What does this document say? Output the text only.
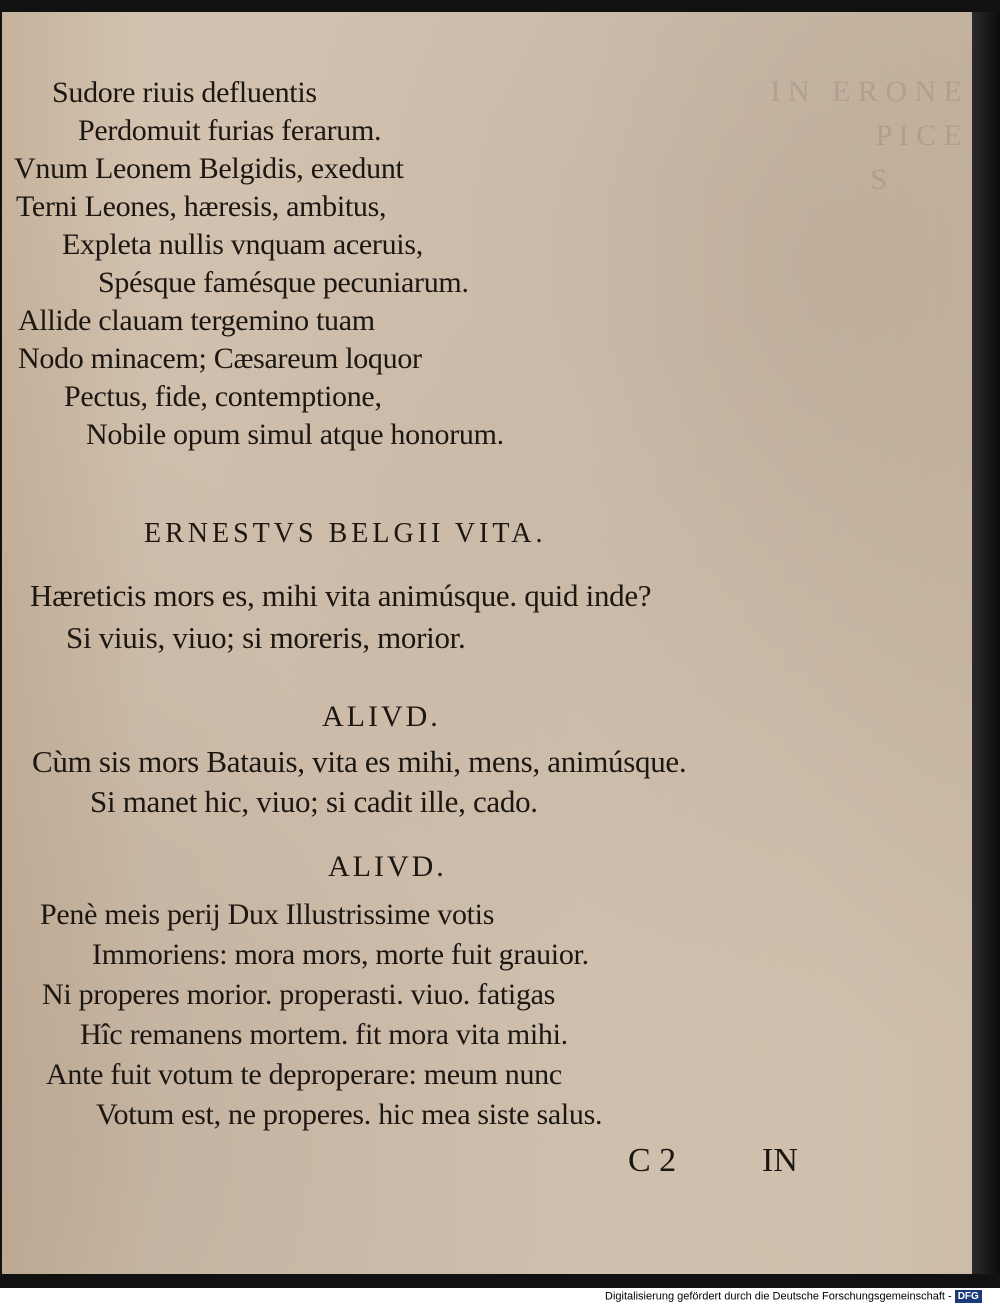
I N   E R O N E
P I C E
S

Sudore riuis defluentis

Perdomuit furias ferarum.

Vnum Leonem Belgidis, exedunt

Terni Leones, hæresis, ambitus,

Expleta nullis vnquam aceruis,

Spésque famésque pecuniarum.

Allide clauam tergemino tuam

Nodo minacem; Cæsareum loquor

Pectus, fide, contemptione,

Nobile opum simul atque honorum.

ERNESTVS BELGII VITA.

Hæreticis mors es, mihi vita animúsque. quid inde?

Si viuis, viuo; si moreris, morior.

ALIVD.

Cùm sis mors Batauis, vita es mihi, mens, animúsque.

Si manet hic, viuo; si cadit ille, cado.

ALIVD.

Penè meis perij Dux Illustrissime votis

Immoriens: mora mors, morte fuit grauior.

Ni properes morior. properasti. viuo. fatigas

Hîc remanens mortem. fit mora vita mihi.

Ante fuit votum te deproperare: meum nunc

Votum est, ne properes. hic mea siste salus.

C 2	IN
Digitalisierung gefördert durch die Deutsche Forschungsgemeinschaft - DFG
